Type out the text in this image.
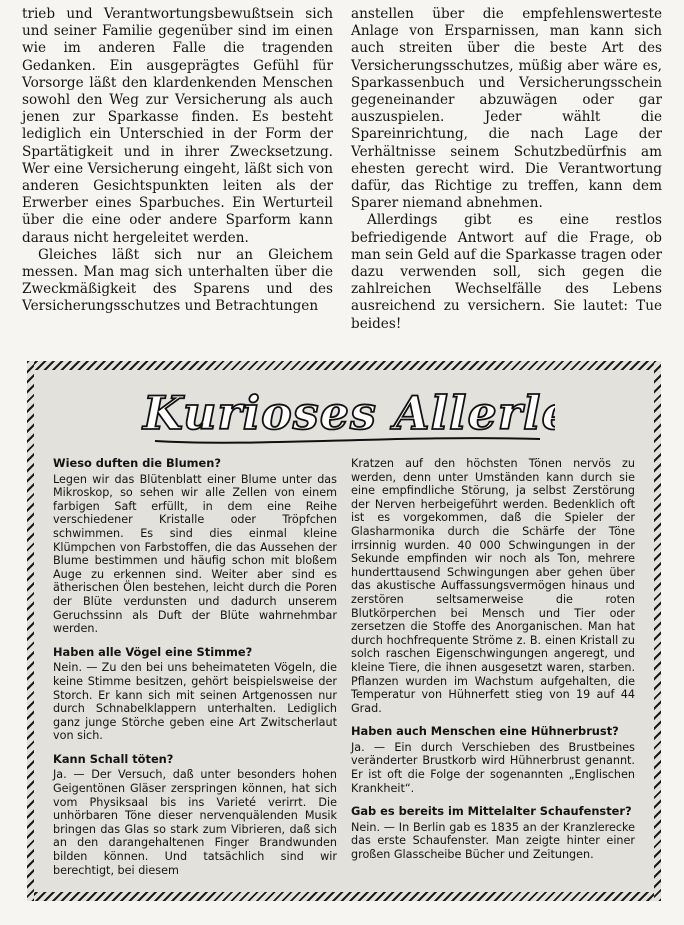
trieb und Verantwortungsbewußtsein sich und seiner Familie gegenüber sind im einen wie im anderen Falle die tragenden Gedanken. Ein ausgeprägtes Gefühl für Vorsorge läßt den klardenkenden Menschen sowohl den Weg zur Versicherung als auch jenen zur Sparkasse finden. Es besteht lediglich ein Unterschied in der Form der Spartätigkeit und in ihrer Zwecksetzung. Wer eine Versicherung eingeht, läßt sich von anderen Gesichtspunkten leiten als der Erwerber eines Sparbuches. Ein Werturteil über die eine oder andere Sparform kann daraus nicht hergeleitet werden.

Gleiches läßt sich nur an Gleichem messen. Man mag sich unterhalten über die Zweckmäßigkeit des Sparens und des Versicherungsschutzes und Betrachtungen

anstellen über die empfehlenswerteste Anlage von Ersparnissen, man kann sich auch streiten über die beste Art des Versicherungsschutzes, müßig aber wäre es, Sparkassenbuch und Versicherungsschein gegeneinander abzuwägen oder gar auszuspielen. Jeder wählt die Spareinrichtung, die nach Lage der Verhältnisse seinem Schutzbedürfnis am ehesten gerecht wird. Die Verantwortung dafür, das Richtige zu treffen, kann dem Sparer niemand abnehmen.

Allerdings gibt es eine restlos befriedigende Antwort auf die Frage, ob man sein Geld auf die Sparkasse tragen oder dazu verwenden soll, sich gegen die zahlreichen Wechselfälle des Lebens ausreichend zu versichern. Sie lautet: Tue beides!

Kurioses Allerlei
Wieso duften die Blumen?

Legen wir das Blütenblatt einer Blume unter das Mikroskop, so sehen wir alle Zellen von einem farbigen Saft erfüllt, in dem eine Reihe verschiedener Kristalle oder Tröpfchen schwimmen. Es sind dies einmal kleine Klümpchen von Farbstoffen, die das Aussehen der Blume bestimmen und häufig schon mit bloßem Auge zu erkennen sind. Weiter aber sind es ätherischen Ölen bestehen, leicht durch die Poren der Blüte verdunsten und dadurch unserem Geruchssinn als Duft der Blüte wahrnehmbar werden.

Haben alle Vögel eine Stimme?

Nein. — Zu den bei uns beheimateten Vögeln, die keine Stimme besitzen, gehört beispielsweise der Storch. Er kann sich mit seinen Artgenossen nur durch Schnabelklappern unterhalten. Lediglich ganz junge Störche geben eine Art Zwitscherlaut von sich.

Kann Schall töten?

Ja. — Der Versuch, daß unter besonders hohen Geigentönen Gläser zerspringen können, hat sich vom Physiksaal bis ins Varieté verirrt. Die unhörbaren Töne dieser nervenquälenden Musik bringen das Glas so stark zum Vibrieren, daß sich an den darangehaltenen Finger Brandwunden bilden können. Und tatsächlich sind wir berechtigt, bei diesem

Kratzen auf den höchsten Tönen nervös zu werden, denn unter Umständen kann durch sie eine empfindliche Störung, ja selbst Zerstörung der Nerven herbeigeführt werden. Bedenklich oft ist es vorgekommen, daß die Spieler der Glasharmonika durch die Schärfe der Töne irrsinnig wurden. 40 000 Schwingungen in der Sekunde empfinden wir noch als Ton, mehrere hunderttausend Schwingungen aber gehen über das akustische Auffassungsvermögen hinaus und zerstören seltsamerweise die roten Blutkörperchen bei Mensch und Tier oder zersetzen die Stoffe des Anorganischen. Man hat durch hochfrequente Ströme z. B. einen Kristall zu solch raschen Eigenschwingungen angeregt, und kleine Tiere, die ihnen ausgesetzt waren, starben. Pflanzen wurden im Wachstum aufgehalten, die Temperatur von Hühnerfett stieg von 19 auf 44 Grad.

Haben auch Menschen eine Hühnerbrust?

Ja. — Ein durch Verschieben des Brustbeines veränderter Brustkorb wird Hühnerbrust genannt. Er ist oft die Folge der sogenannten „Englischen Krankheit“.

Gab es bereits im Mittelalter Schaufenster?

Nein. — In Berlin gab es 1835 an der Kranzlerecke das erste Schaufenster. Man zeigte hinter einer großen Glasscheibe Bücher und Zeitungen.
